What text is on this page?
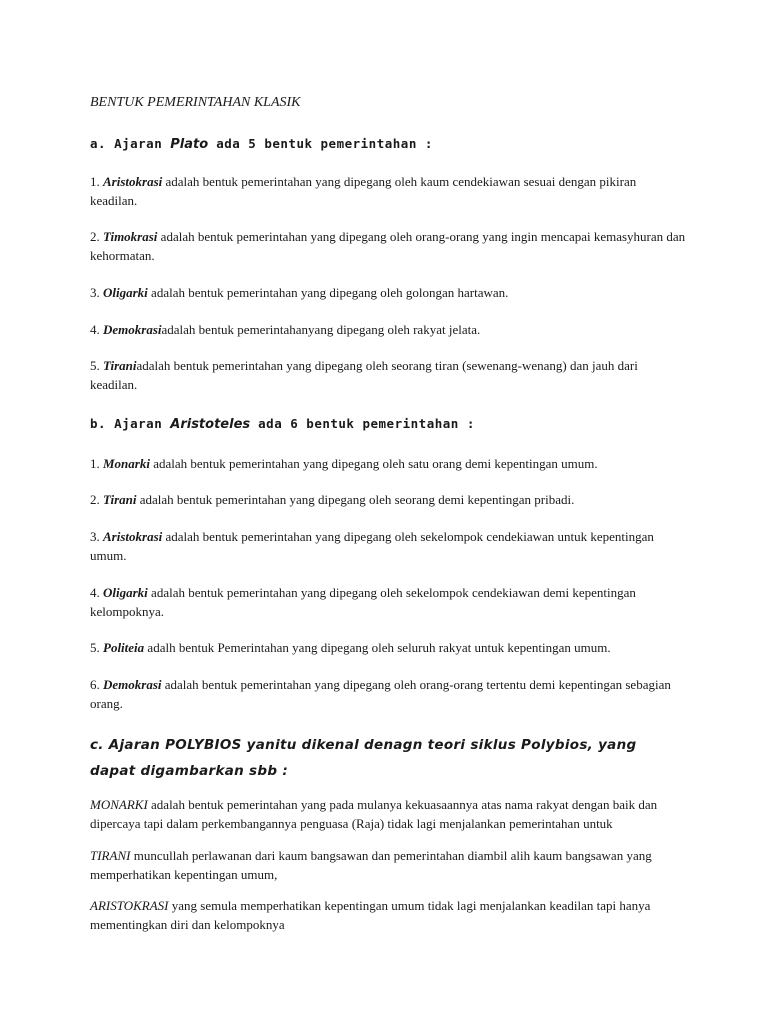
BENTUK PEMERINTAHAN KLASIK

a. Ajaran Plato ada 5 bentuk pemerintahan :

1. Aristokrasi adalah bentuk pemerintahan yang dipegang oleh kaum cendekiawan sesuai dengan pikiran keadilan.

2. Timokrasi adalah bentuk pemerintahan yang dipegang oleh orang-orang yang ingin mencapai kemasyhuran dan kehormatan.

3. Oligarki adalah bentuk pemerintahan yang dipegang oleh golongan hartawan.

4. Demokrasiadalah bentuk pemerintahanyang dipegang oleh rakyat jelata.

5. Tiraniadalah bentuk pemerintahan yang dipegang oleh seorang tiran (sewenang-wenang) dan jauh dari keadilan.

b. Ajaran Aristoteles ada 6 bentuk pemerintahan :

1. Monarki adalah bentuk pemerintahan yang dipegang oleh satu orang demi kepentingan umum.

2. Tirani adalah bentuk pemerintahan yang dipegang oleh seorang demi kepentingan pribadi.

3. Aristokrasi adalah bentuk pemerintahan yang dipegang oleh sekelompok cendekiawan untuk kepentingan umum.

4. Oligarki adalah bentuk pemerintahan yang dipegang oleh sekelompok cendekiawan demi kepentingan kelompoknya.

5. Politeia adalh bentuk Pemerintahan yang dipegang oleh seluruh rakyat untuk kepentingan umum.

6. Demokrasi adalah bentuk pemerintahan yang dipegang oleh orang-orang tertentu demi kepentingan sebagian orang.

c. Ajaran POLYBIOS yanitu dikenal denagn teori siklus Polybios, yang dapat digambarkan sbb :

MONARKI adalah bentuk pemerintahan yang pada mulanya kekuasaannya atas nama rakyat dengan baik dan dipercaya tapi dalam perkembangannya penguasa (Raja) tidak lagi menjalankan pemerintahan untuk

TIRANI muncullah perlawanan dari kaum bangsawan dan pemerintahan diambil alih kaum bangsawan yang memperhatikan kepentingan umum,

ARISTOKRASI yang semula memperhatikan kepentingan umum tidak lagi menjalankan keadilan tapi hanya mementingkan diri dan kelompoknya
